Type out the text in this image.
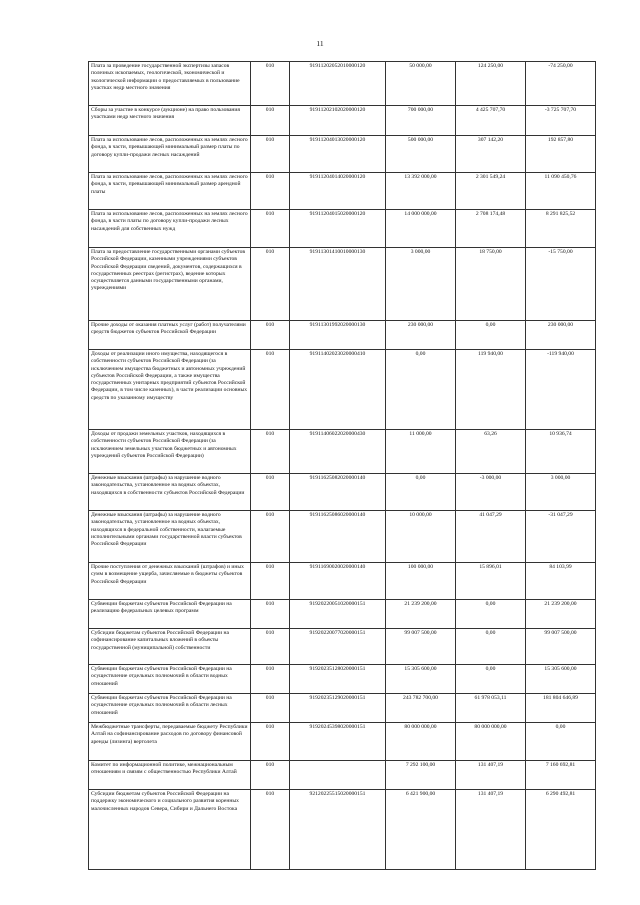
11
Плата за проведение государственной экспертизы запасов полезных ископаемых, геологической, экономической и экологической информации о предоставляемых в пользование участках недр местного значения	010	91911202052010000120	50 000,00	124 250,00	-74 250,00
Сборы за участие в конкурсе (аукционе) на право пользования участками недр местного значения	010	91911202102020000120	700 000,00	4 425 707,70	-3 725 707,70
Плата за использование лесов, расположенных на землях лесного фонда, в части, превышающей минимальный размер платы по договору купли-продажи лесных насаждений	010	91911204013020000120	500 000,00	307 142,20	192 857,80
Плата за использование лесов, расположенных на землях лесного фонда, в части, превышающей минимальный размер арендной платы	010	91911204014020000120	13 392 000,00	2 301 549,24	11 090 450,76
Плата за использование лесов, расположенных на землях лесного фонда, в части платы по договору купли-продажи лесных насаждений для собственных нужд	010	91911204015020000120	14 000 000,00	2 708 174,48	8 291 825,52
Плата за предоставление государственными органами субъектов Российской Федерации, казенными учреждениями субъектов Российской Федерации сведений, документов, содержащихся в государственных реестрах (регистрах), ведение которых осуществляется данными государственными органами, учреждениями	010	91911301410010000130	3 000,00	18 750,00	-15 750,00
Прочие доходы от оказания платных услуг (работ) получателями средств бюджетов субъектов Российской Федерации	010	91911301992020000130	230 000,00	0,00	230 000,00
Доходы от реализации иного имущества, находящегося в собственности субъектов Российской Федерации (за исключением имущества бюджетных и автономных учреждений субъектов Российской Федерации, а также имущества государственных унитарных предприятий субъектов Российской Федерации, в том числе казенных), в части реализации основных средств по указанному имуществу	010	91911402023020000410	0,00	119 940,00	-119 940,00
Доходы от продажи земельных участков, находящихся в собственности субъектов Российской Федерации (за исключением земельных участков бюджетных и автономных учреждений субъектов Российской Федерации)	010	91911406022020000430	11 000,00	63,26	10 936,74
Денежные взыскания (штрафы) за нарушение водного законодательства, установленное на водных объектах, находящихся в собственности субъектов Российской Федерации	010	91911625082020000140	0,00	-3 000,00	3 000,00
Денежные взыскания (штрафы) за нарушение водного законодательства, установленное на водных объектах, находящихся в федеральной собственности, налагаемые исполнительными органами государственной власти субъектов Российской Федерации	010	91911625086020000140	10 000,00	41 047,29	-31 047,29
Прочие поступления от денежных взысканий (штрафов) и иных сумм в возмещение ущерба, зачисляемые в бюджеты субъектов Российской Федерации	010	91911690020020000140	100 000,00	15 896,01	84 103,99
Субвенции бюджетам субъектов Российской Федерации на реализацию федеральных целевых программ	010	91920220051020000151	21 239 200,00	0,00	21 239 200,00
Субсидии бюджетам субъектов Российской Федерации на софинансирование капитальных вложений в объекты государственной (муниципальной) собственности	010	91920220077020000151	99 007 500,00	0,00	99 007 500,00
Субвенции бюджетам субъектов Российской Федерации на осуществление отдельных полномочий в области водных отношений	010	91920235128020000151	15 305 600,00	0,00	15 305 600,00
Субвенции бюджетам субъектов Российской Федерации на осуществление отдельных полномочий в области лесных отношений	010	91920235129020000151	243 782 700,00	61 978 053,11	181 804 646,89
Межбюджетные трансферты, передаваемые бюджету Республики Алтай на софинансирование расходов по договору финансовой аренды (лизинга) вертолета	010	91920245398020000151	80 000 000,00	80 000 000,00	0,00
Комитет по информационной политике, межнациональным отношениям и связям с общественностью Республики Алтай	010		7 292 100,00	131 407,19	7 160 692,81
Субсидии бюджетам субъектов Российской Федерации на поддержку экономического и социального развития коренных малочисленных народов Севера, Сибири и Дальнего Востока	010	92120225515020000151	6 421 900,00	131 407,19	6 290 492,81
